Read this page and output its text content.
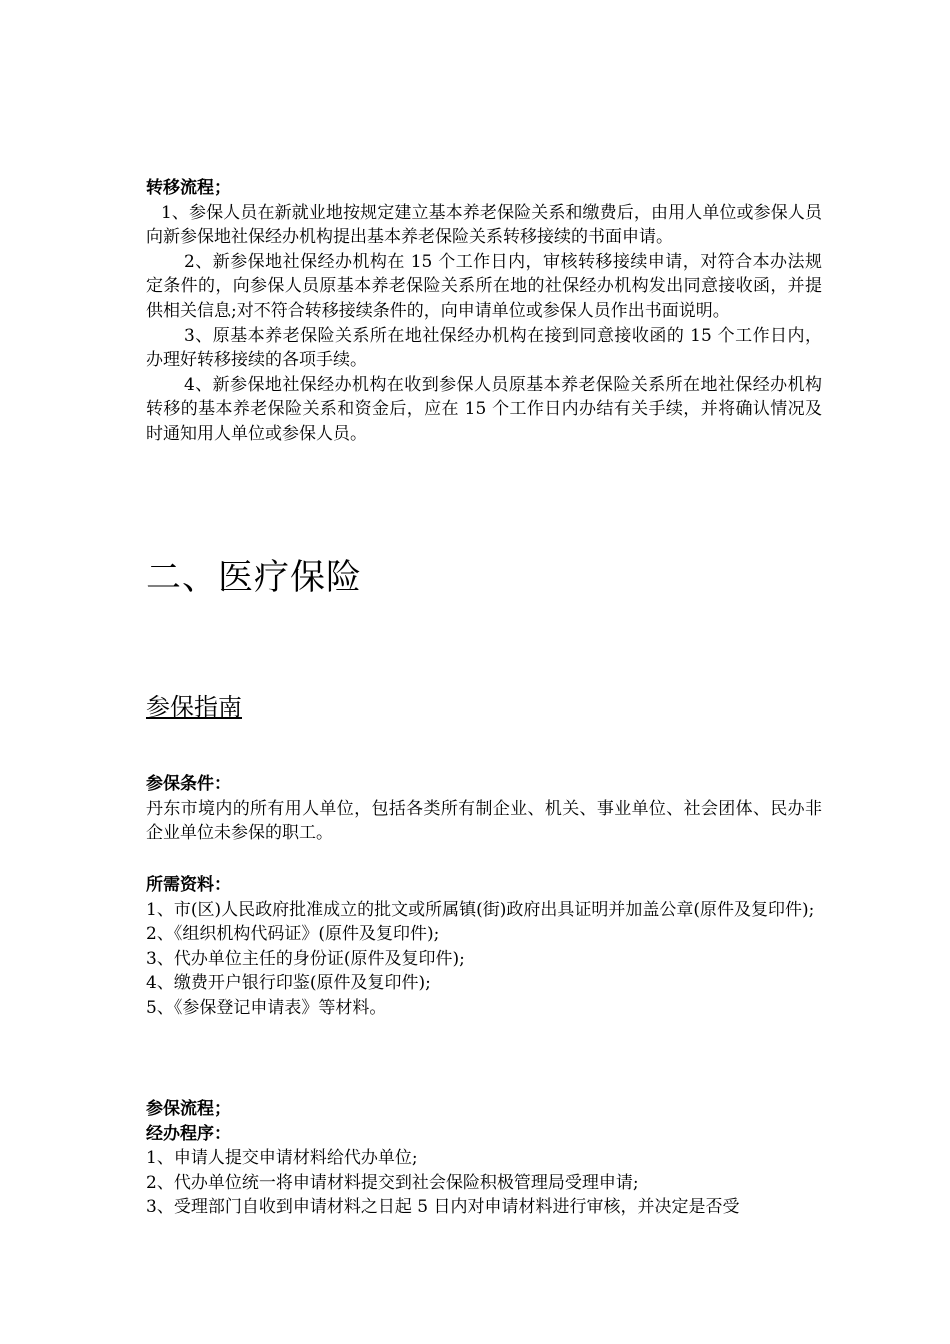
转移流程；

1、参保人员在新就业地按规定建立基本养老保险关系和缴费后，由用人单位或参保人员向新参保地社保经办机构提出基本养老保险关系转移接续的书面申请。

2、新参保地社保经办机构在 15 个工作日内，审核转移接续申请，对符合本办法规定条件的，向参保人员原基本养老保险关系所在地的社保经办机构发出同意接收函，并提供相关信息;对不符合转移接续条件的，向申请单位或参保人员作出书面说明。

3、原基本养老保险关系所在地社保经办机构在接到同意接收函的 15 个工作日内，办理好转移接续的各项手续。

4、新参保地社保经办机构在收到参保人员原基本养老保险关系所在地社保经办机构转移的基本养老保险关系和资金后，应在 15 个工作日内办结有关手续，并将确认情况及时通知用人单位或参保人员。

二、医疗保险
参保指南

参保条件：

丹东市境内的所有用人单位，包括各类所有制企业、机关、事业单位、社会团体、民办非企业单位未参保的职工。

所需资料：

1、市(区)人民政府批准成立的批文或所属镇(街)政府出具证明并加盖公章(原件及复印件);

2、《组织机构代码证》(原件及复印件);

3、代办单位主任的身份证(原件及复印件);

4、缴费开户银行印鉴(原件及复印件);

5、《参保登记申请表》等材料。

参保流程；

经办程序：

1、申请人提交申请材料给代办单位;

2、代办单位统一将申请材料提交到社会保险积极管理局受理申请;

3、受理部门自收到申请材料之日起 5 日内对申请材料进行审核，并决定是否受
